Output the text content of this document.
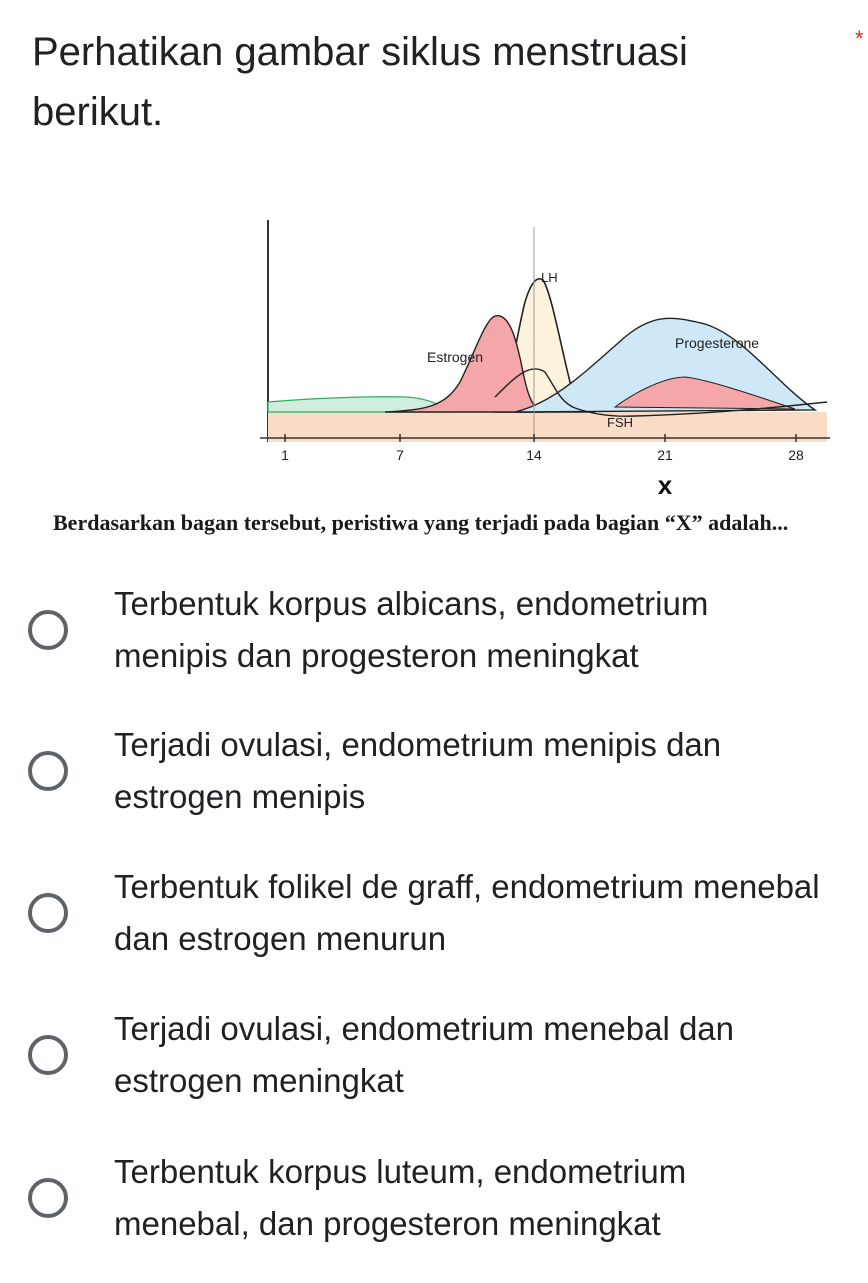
Perhatikan gambar siklus menstruasi berikut.
*
1	7	14	21	28
LH
Estrogen
Progesterone
FSH
x
Berdasarkan bagan tersebut, peristiwa yang terjadi pada bagian “X” adalah...
Terbentuk korpus albicans, endometrium menipis dan progesteron meningkat
Terjadi ovulasi, endometrium menipis dan estrogen menipis
Terbentuk folikel de graff, endometrium menebal dan estrogen menurun
Terjadi ovulasi, endometrium menebal dan estrogen meningkat
Terbentuk korpus luteum, endometrium menebal, dan progesteron meningkat
